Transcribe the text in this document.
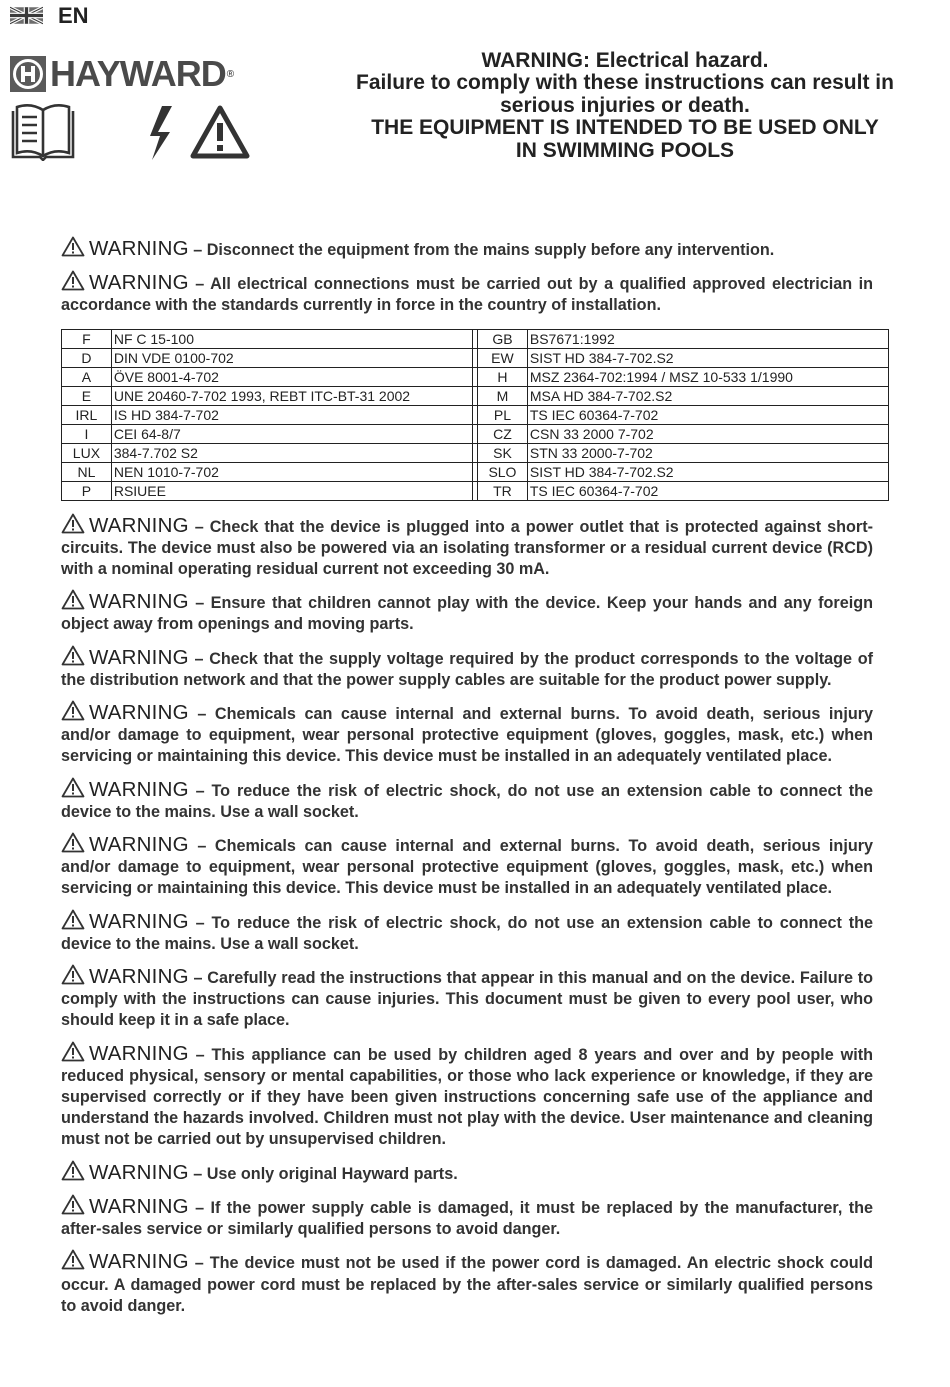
EN
HAYWARD ®
WARNING: Electrical hazard.
Failure to comply with these instructions can result in
serious injuries or death.
THE EQUIPMENT IS INTENDED TO BE USED ONLY
IN SWIMMING POOLS

WARNING – Disconnect the equipment from the mains supply before any intervention.

WARNING – All electrical connections must be carried out by a qualified approved electrician in accordance with the standards currently in force in the country of installation.

F	NF C 15-100		GB	BS7671:1992
D	DIN VDE 0100-702		EW	SIST HD 384-7-702.S2
A	ÖVE 8001-4-702		H	MSZ 2364-702:1994 / MSZ 10-533 1/1990
E	UNE 20460-7-702 1993, REBT ITC-BT-31 2002		M	MSA HD 384-7-702.S2
IRL	IS HD 384-7-702		PL	TS IEC 60364-7-702
I	CEI 64-8/7		CZ	CSN 33 2000 7-702
LUX	384-7.702 S2		SK	STN 33 2000-7-702
NL	NEN 1010-7-702		SLO	SIST HD 384-7-702.S2
P	RSIUEE		TR	TS IEC 60364-7-702

WARNING – Check that the device is plugged into a power outlet that is protected against short-circuits. The device must also be powered via an isolating transformer or a residual current device (RCD) with a nominal operating residual current not exceeding 30 mA.

WARNING – Ensure that children cannot play with the device. Keep your hands and any foreign object away from openings and moving parts.

WARNING – Check that the supply voltage required by the product corresponds to the voltage of the distribution network and that the power supply cables are suitable for the product power supply.

WARNING – Chemicals can cause internal and external burns. To avoid death, serious injury and/or damage to equipment, wear personal protective equipment (gloves, goggles, mask, etc.) when servicing or maintaining this device. This device must be installed in an adequately ventilated place.

WARNING – To reduce the risk of electric shock, do not use an extension cable to connect the device to the mains. Use a wall socket.

WARNING – Chemicals can cause internal and external burns. To avoid death, serious injury and/or damage to equipment, wear personal protective equipment (gloves, goggles, mask, etc.) when servicing or maintaining this device. This device must be installed in an adequately ventilated place.

WARNING – To reduce the risk of electric shock, do not use an extension cable to connect the device to the mains. Use a wall socket.

WARNING – Carefully read the instructions that appear in this manual and on the device. Failure to comply with the instructions can cause injuries. This document must be given to every pool user, who should keep it in a safe place.

WARNING – This appliance can be used by children aged 8 years and over and by people with reduced physical, sensory or mental capabilities, or those who lack experience or knowledge, if they are supervised correctly or if they have been given instructions concerning safe use of the appliance and understand the hazards involved. Children must not play with the device. User maintenance and cleaning must not be carried out by unsupervised children.

WARNING – Use only original Hayward parts.

WARNING – If the power supply cable is damaged, it must be replaced by the manufacturer, the after-sales service or similarly qualified persons to avoid danger.

WARNING – The device must not be used if the power cord is damaged. An electric shock could occur. A damaged power cord must be replaced by the after-sales service or similarly qualified persons to avoid danger.
